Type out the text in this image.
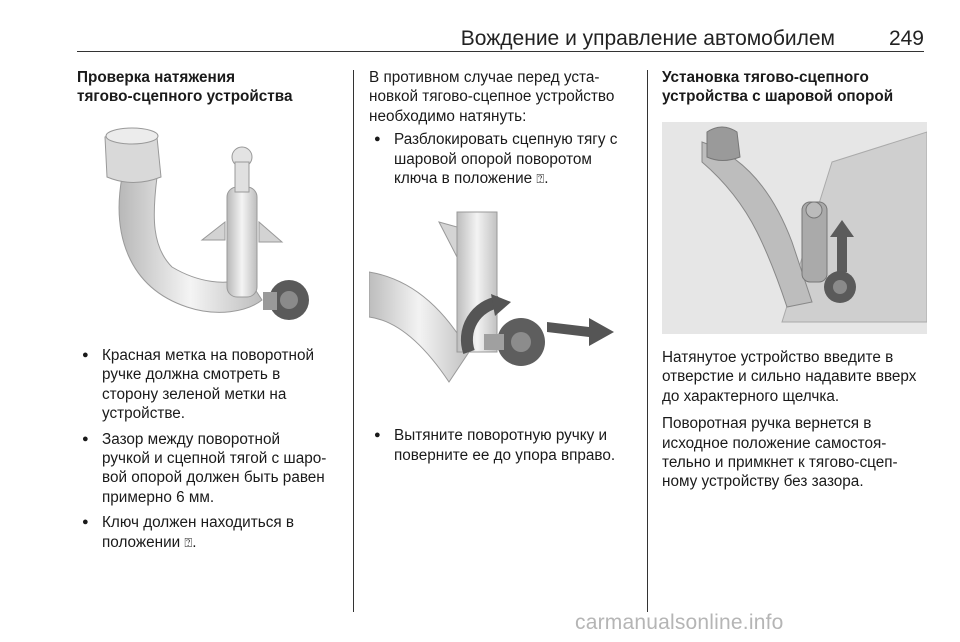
Вождение и управление автомобилем	249
Проверка натяжения
тягово-сцепного устройства
● Красная метка на поворотной
ручке должна смотреть в
сторону зеленой метки на
устройстве.
● Зазор между поворотной
ручкой и сцепной тягой с шаро-
вой опорой должен быть равен
примерно 6 мм.
● Ключ должен находиться в
положении ⍰.

В противном случае перед уста-
новкой тягово-сцепное устройство
необходимо натянуть:

● Разблокировать сцепную тягу с
шаровой опорой поворотом
ключа в положение ⍰.
● Вытяните поворотную ручку и
поверните ее до упора вправо.
Установка тягово-сцепного
устройства с шаровой опорой

Натянутое устройство введите в
отверстие и сильно надавите вверх
до характерного щелчка.

Поворотная ручка вернется в
исходное положение самостоя-
тельно и примкнет к тягово-сцеп-
ному устройству без зазора.

carmanualsonline.info
